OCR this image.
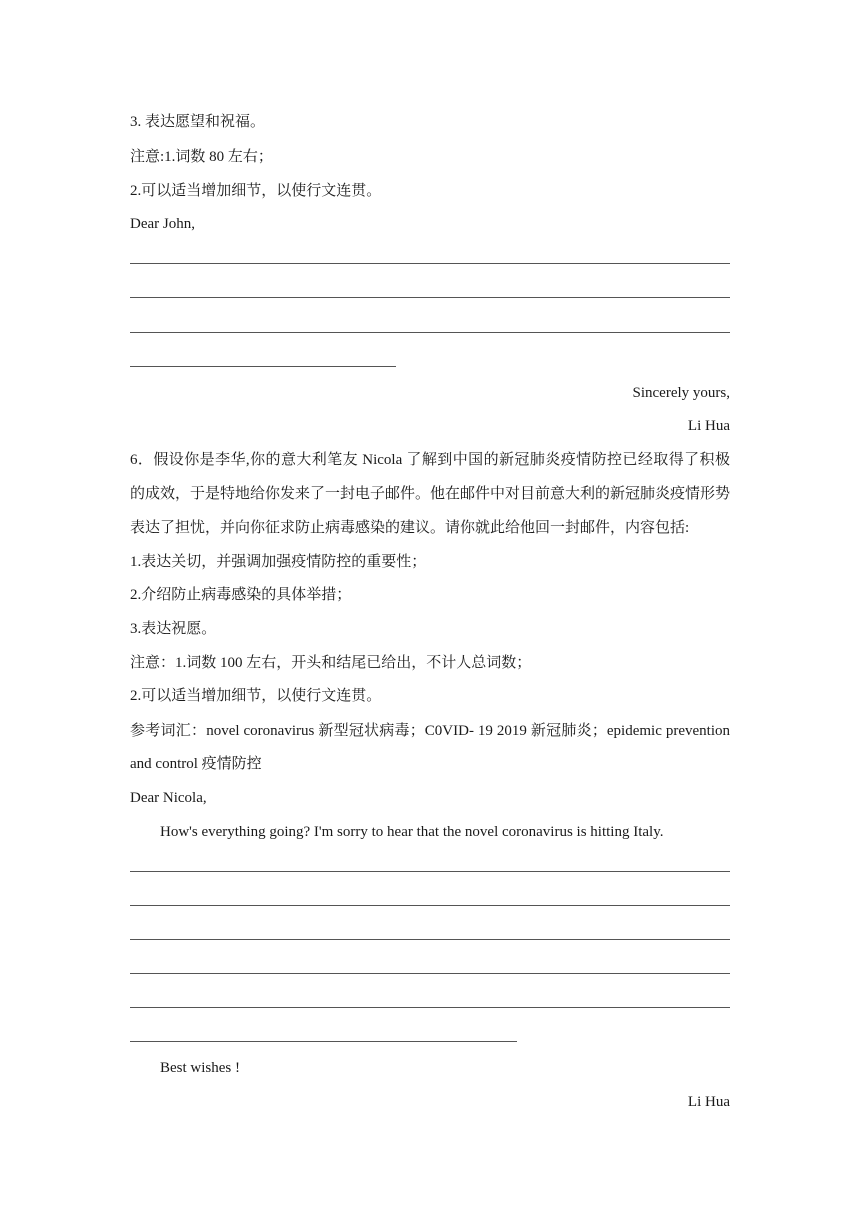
3. 表达愿望和祝福。
注意:1.词数 80 左右；
2.可以适当增加细节，以使行文连贯。
Dear John,
Sincerely yours,
Li Hua
6．假设你是李华,你的意大利笔友 Nicola 了解到中国的新冠肺炎疫情防控已经取得了积极
的成效，于是特地给你发来了一封电子邮件。他在邮件中对目前意大利的新冠肺炎疫情形势
表达了担忧，并向你征求防止病毒感染的建议。请你就此给他回一封邮件，内容包括:
1.表达关切，并强调加强疫情防控的重要性；
2.介绍防止病毒感染的具体举措；
3.表达祝愿。
注意：1.词数 100 左右，开头和结尾已给出，不计人总词数；
2.可以适当增加细节，以使行文连贯。
参考词汇：novel coronavirus 新型冠状病毒；C0VID- 19 2019 新冠肺炎；epidemic prevention
and control 疫情防控
Dear Nicola,
How's everything going? I'm sorry to hear that the novel coronavirus is hitting Italy.
Best wishes !
Li Hua
